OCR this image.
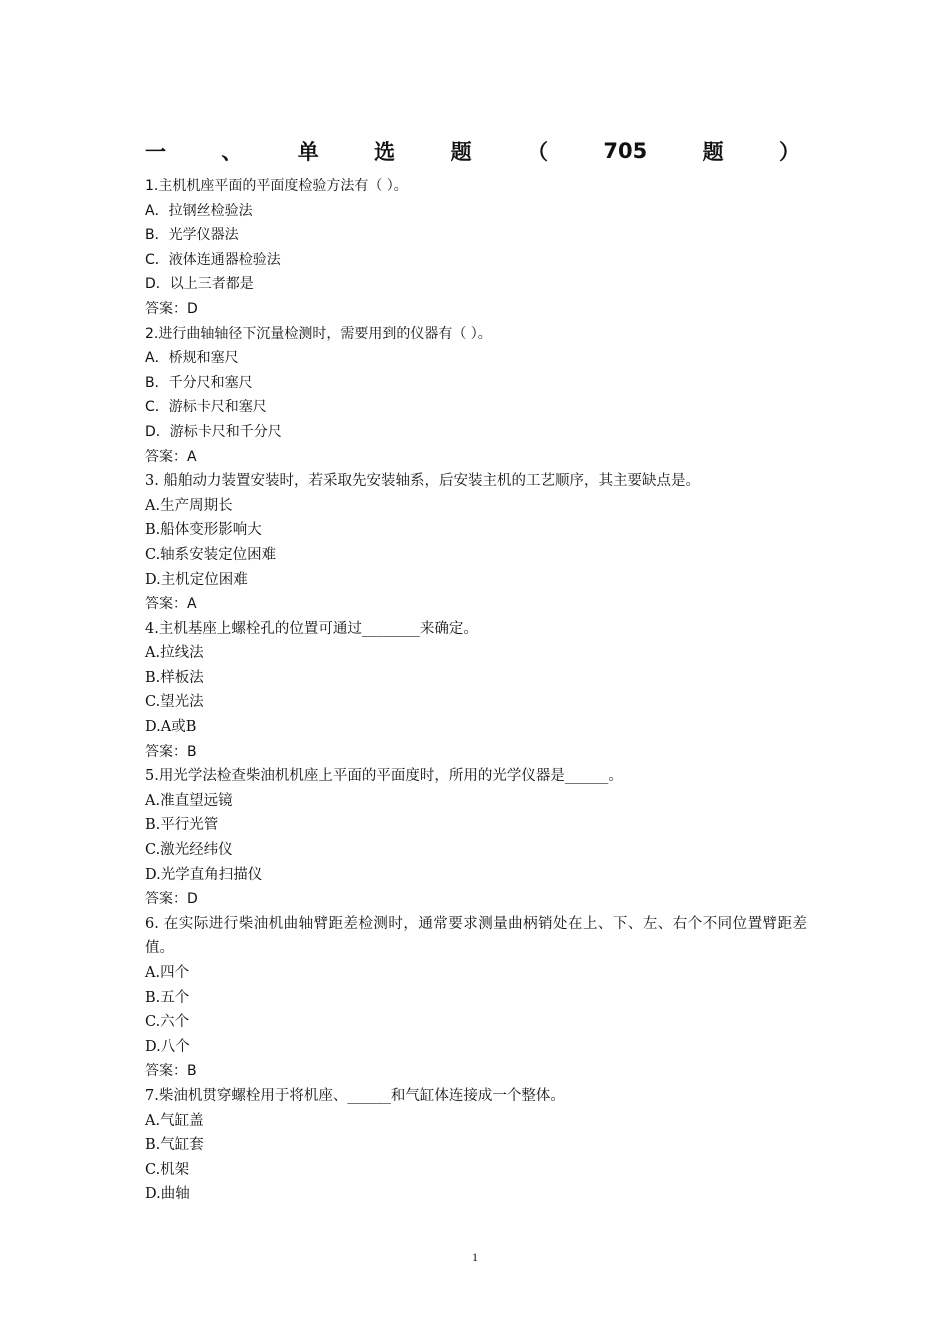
一	、	单	选	题	（	705	题	）
1.主机机座平面的平面度检验方法有（ ）。
A．拉钢丝检验法
B．光学仪器法
C．液体连通器检验法
D．以上三者都是
答案：D
2.进行曲轴轴径下沉量检测时，需要用到的仪器有（ ）。
A．桥规和塞尺
B．千分尺和塞尺
C．游标卡尺和塞尺
D．游标卡尺和千分尺
答案：A
3. 船舶动力装置安装时，若采取先安装轴系，后安装主机的工艺顺序，其主要缺点是。
A.生产周期长
B.船体变形影响大
C.轴系安装定位困难
D.主机定位困难
答案：A
4.主机基座上螺栓孔的位置可通过________来确定。
A.拉线法
B.样板法
C.望光法
D.A或B
答案：B
5.用光学法检查柴油机机座上平面的平面度时，所用的光学仪器是______。
A.准直望远镜
B.平行光管
C.激光经纬仪
D.光学直角扫描仪
答案：D
6. 在实际进行柴油机曲轴臂距差检测时，通常要求测量曲柄销处在上、下、左、右个不同位置臂距差值。
A.四个
B.五个
C.六个
D.八个
答案：B
7.柴油机贯穿螺栓用于将机座、______和气缸体连接成一个整体。
A.气缸盖
B.气缸套
C.机架
D.曲轴
1
